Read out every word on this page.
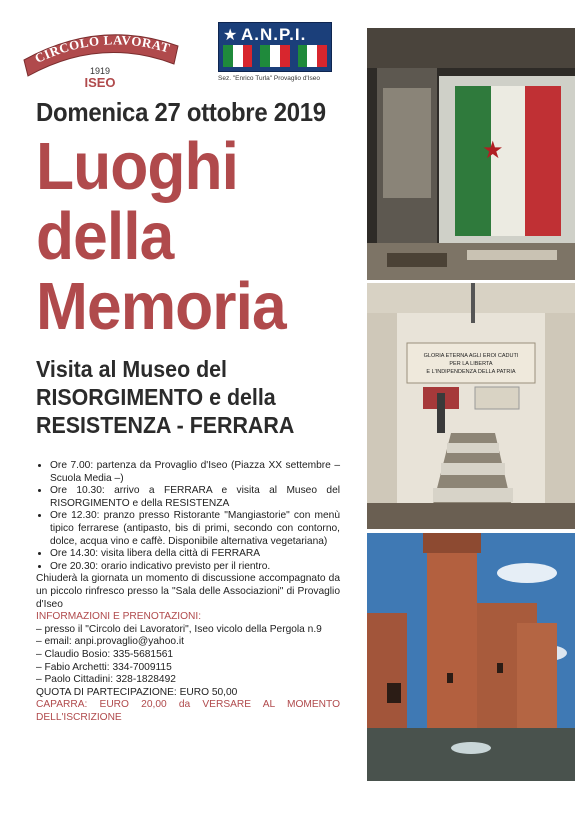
CIRCOLO LAVORAT
1919
ISEO
★ A.N.P.I.
Sez. "Enrico Turla" Provaglio d'Iseo
Domenica 27 ottobre 2019
Luoghi
della
Memoria
Visita al Museo del
RISORGIMENTO e della
RESISTENZA - FERRARA
• Ore 7.00: partenza da Provaglio d'Iseo (Piazza XX settembre – Scuola Media –)
• Ore 10.30: arrivo a FERRARA e visita al Museo del RISORGIMENTO e della RESISTENZA
• Ore 12.30: pranzo presso Ristorante "Mangiastorie" con menù tipico ferrarese (antipasto, bis di primi, secondo con contorno, dolce, acqua vino e caffè. Disponibile alternativa vegetariana)
• Ore 14.30: visita libera della città di FERRARA
• Ore 20.30: orario indicativo previsto per il rientro.

Chiuderà la giornata un momento di discussione accompagnato da un piccolo rinfresco presso la "Sala delle Associazioni" di Provaglio d'Iseo

INFORMAZIONI E PRENOTAZIONI:

– presso il "Circolo dei Lavoratori", Iseo vicolo della Pergola n.9

– email: anpi.provaglio@yahoo.it

– Claudio Bosio: 335-5681561

– Fabio Archetti: 334-7009115

– Paolo Cittadini: 328-1828492

QUOTA DI PARTECIPAZIONE: EURO 50,00

CAPARRA: EURO 20,00 da VERSARE AL MOMENTO DELL'ISCRIZIONE

★
GLORIA ETERNA AGLI EROI CADUTI
PER LA LIBERTA
E L'INDIPENDENZA DELLA PATRIA
